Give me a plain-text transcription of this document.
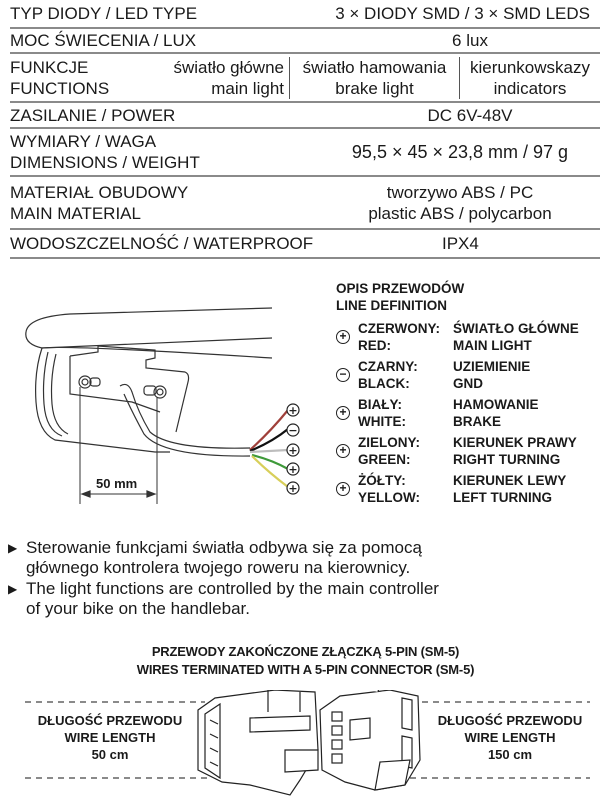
TYP DIODY / LED TYPE	3 × DIODY SMD / 3 × SMD LEDS
MOC ŚWIECENIA / LUX	6 lux
FUNKCJE
FUNCTIONS
światło główne
main light
światło hamowania
brake light
kierunkowskazy
indicators
ZASILANIE / POWER	DC 6V-48V
WYMIARY / WAGA
DIMENSIONS / WEIGHT
95,5 × 45 × 23,8 mm / 97 g
MATERIAŁ OBUDOWY
MAIN MATERIAL
tworzywo ABS / PC
plastic ABS / polycarbon
WODOSZCZELNOŚĆ / WATERPROOF	IPX4
50 mm
+
−
+
+
+
OPIS PRZEWODÓW
LINE DEFINITION
+ CZERWONY:
RED:
ŚWIATŁO GŁÓWNE
MAIN LIGHT
− CZARNY:
BLACK:
UZIEMIENIE
GND
+ BIAŁY:
WHITE:
HAMOWANIE
BRAKE
+ ZIELONY:
GREEN:
KIERUNEK PRAWY
RIGHT TURNING
+ ŻÓŁTY:
YELLOW:
KIERUNEK LEWY
LEFT TURNING
▶ Sterowanie funkcjami światła odbywa się za pomocą
głównego kontrolera twojego roweru na kierownicy.
▶ The light functions are controlled by the main controller
of your bike on the handlebar.
PRZEWODY ZAKOŃCZONE ZŁĄCZKĄ 5-PIN (SM-5)
WIRES TERMINATED WITH A 5-PIN CONNECTOR (SM-5)
DŁUGOŚĆ PRZEWODU
WIRE LENGTH
50 cm
DŁUGOŚĆ PRZEWODU
WIRE LENGTH
150 cm
